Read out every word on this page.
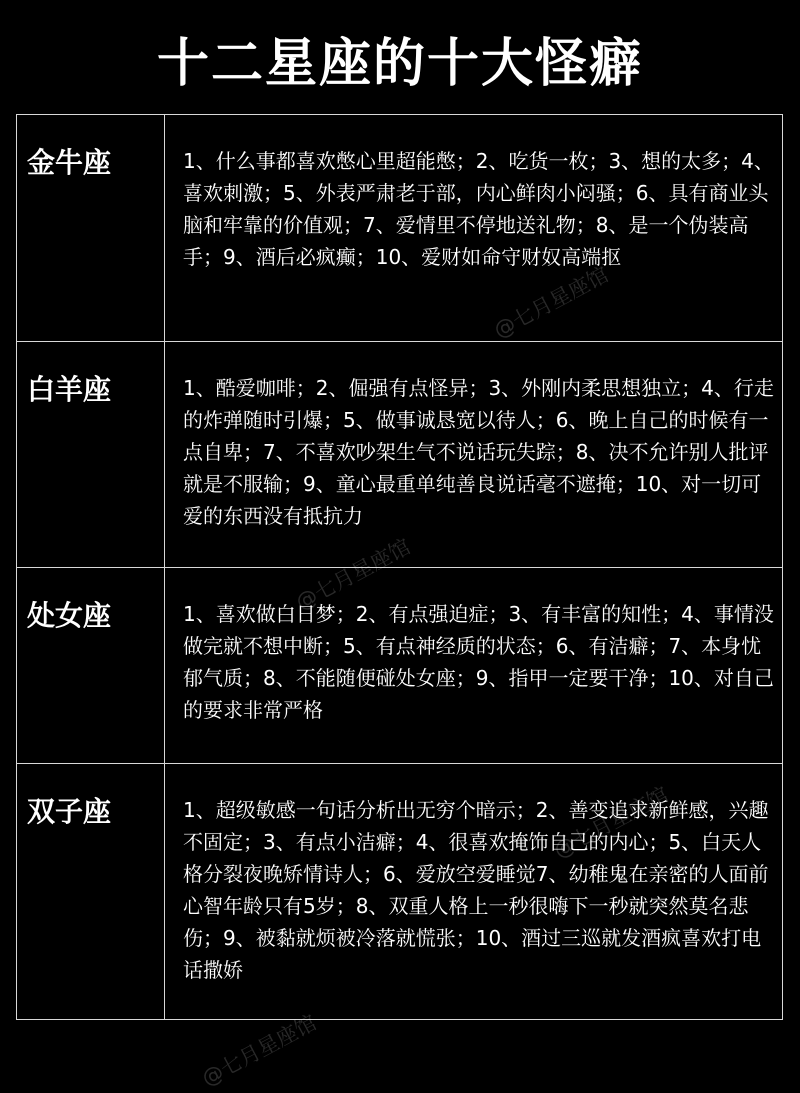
十二星座的十大怪癖
金牛座	1、什么事都喜欢憋心里超能憋；2、吃货一枚；3、想的太多；4、喜欢刺激；5、外表严肃老于部，内心鲜肉小闷骚；6、具有商业头脑和牢靠的价值观；7、爱情里不停地送礼物；8、是一个伪装高手；9、酒后必疯癫；10、爱财如命守财奴高端抠
白羊座	1、酷爱咖啡；2、倔强有点怪异；3、外刚内柔思想独立；4、行走的炸弹随时引爆；5、做事诚恳宽以待人；6、晚上自己的时候有一点自卑；7、不喜欢吵架生气不说话玩失踪；8、决不允许别人批评就是不服输；9、童心最重单纯善良说话毫不遮掩；10、对一切可爱的东西没有抵抗力
处女座	1、喜欢做白日梦；2、有点强迫症；3、有丰富的知性；4、事情没做完就不想中断；5、有点神经质的状态；6、有洁癖；7、本身忧郁气质；8、不能随便碰处女座；9、指甲一定要干净；10、对自己的要求非常严格
双子座	1、超级敏感一句话分析出无穷个暗示；2、善变追求新鲜感，兴趣不固定；3、有点小洁癖；4、很喜欢掩饰自己的内心；5、白天人格分裂夜晚矫情诗人；6、爱放空爱睡觉7、幼稚鬼在亲密的人面前心智年龄只有5岁；8、双重人格上一秒很嗨下一秒就突然莫名悲伤；9、被黏就烦被冷落就慌张；10、酒过三巡就发酒疯喜欢打电话撒娇
@七月星座馆
@七月星座馆
@七月星座馆
@七月星座馆
